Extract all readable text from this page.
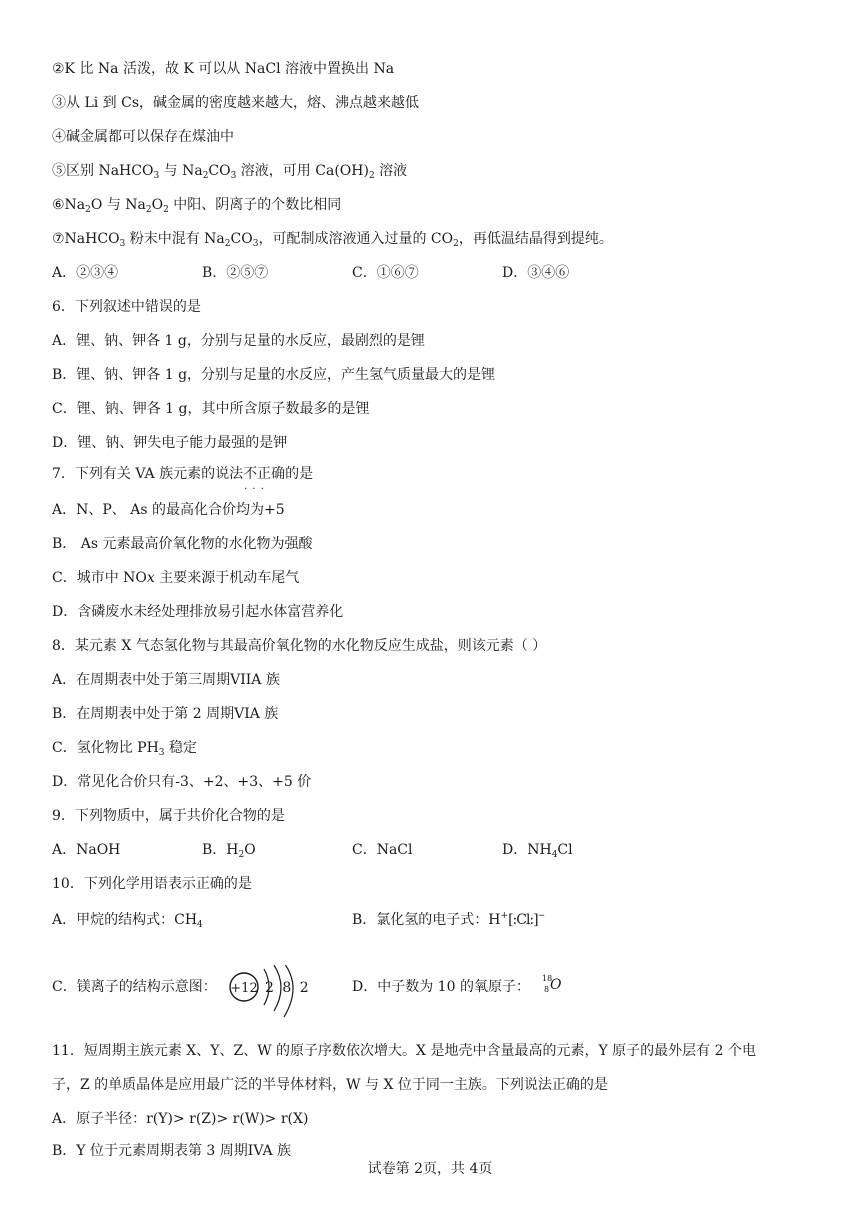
②K 比 Na 活泼，故 K 可以从 NaCl 溶液中置换出 Na
③从 Li 到 Cs，碱金属的密度越来越大，熔、沸点越来越低
④碱金属都可以保存在煤油中
⑤区别 NaHCO$_3$ 与 $Na_2CO_3$ 溶液，可用 $Ca(OH)_2$ 溶液
$⑥Na_2O$ 与 $Na_2O_2$ 中阳、阴离子的个数比相同
⑦NaHCO$_3$ 粉末中混有 $Na_2CO_3$，可配制成溶液通入过量的 $CO_2$，再低温结晶得到提纯。
A．②③④	B．②⑤⑦	C．①⑥⑦	D．③④⑥
6．下列叙述中错误的是
A．锂、钠、钾各 1 g，分别与足量的水反应，最剧烈的是锂
B．锂、钠、钾各 1 g，分别与足量的水反应，产生氢气质量最大的是锂
C．锂、钠、钾各 1 g，其中所含原子数最多的是锂
D．锂、钠、钾失电子能力最强的是钾
7．下列有关 VA 族元素的说法不正确 · · ·的是
A．N、P、 As 的最高化合价均为+5
B． As 元素最高价氧化物的水化物为强酸
C．城市中 NOx 主要来源于机动车尾气
D．含磷废水未经处理排放易引起水体富营养化
8．某元素 X 气态氢化物与其最高价氧化物的水化物反应生成盐，则该元素（ ）
A．在周期表中处于第三周期VIIA 族
B．在周期表中处于第 2 周期VIA 族
C．氢化物比 $PH_3$ 稳定
D．常见化合价只有-3、+2、+3、+5 价
9．下列物质中，属于共价化合物的是
A．NaOH	B．$H_2O$	C．NaCl	D．$NH_4Cl$
10．下列化学用语表示正确的是
A．甲烷的结构式：$CH_4$	B．氯化氢的电子式：H+[:Cl:]−
C．镁离子的结构示意图： +12 2 8 2	D．中子数为 10 的氧原子：
18
8 O
11．短周期主族元素 X、Y、Z、W 的原子序数依次增大。X 是地壳中含量最高的元素，Y 原子的最外层有 2 个电
子，Z 的单质晶体是应用最广泛的半导体材料，W 与 X 位于同一主族。下列说法正确的是
A．原子半径：r(Y)> r(Z)> r(W)> r(X)
B．Y 位于元素周期表第 3 周期IVA 族
试卷第 2页，共 4页
